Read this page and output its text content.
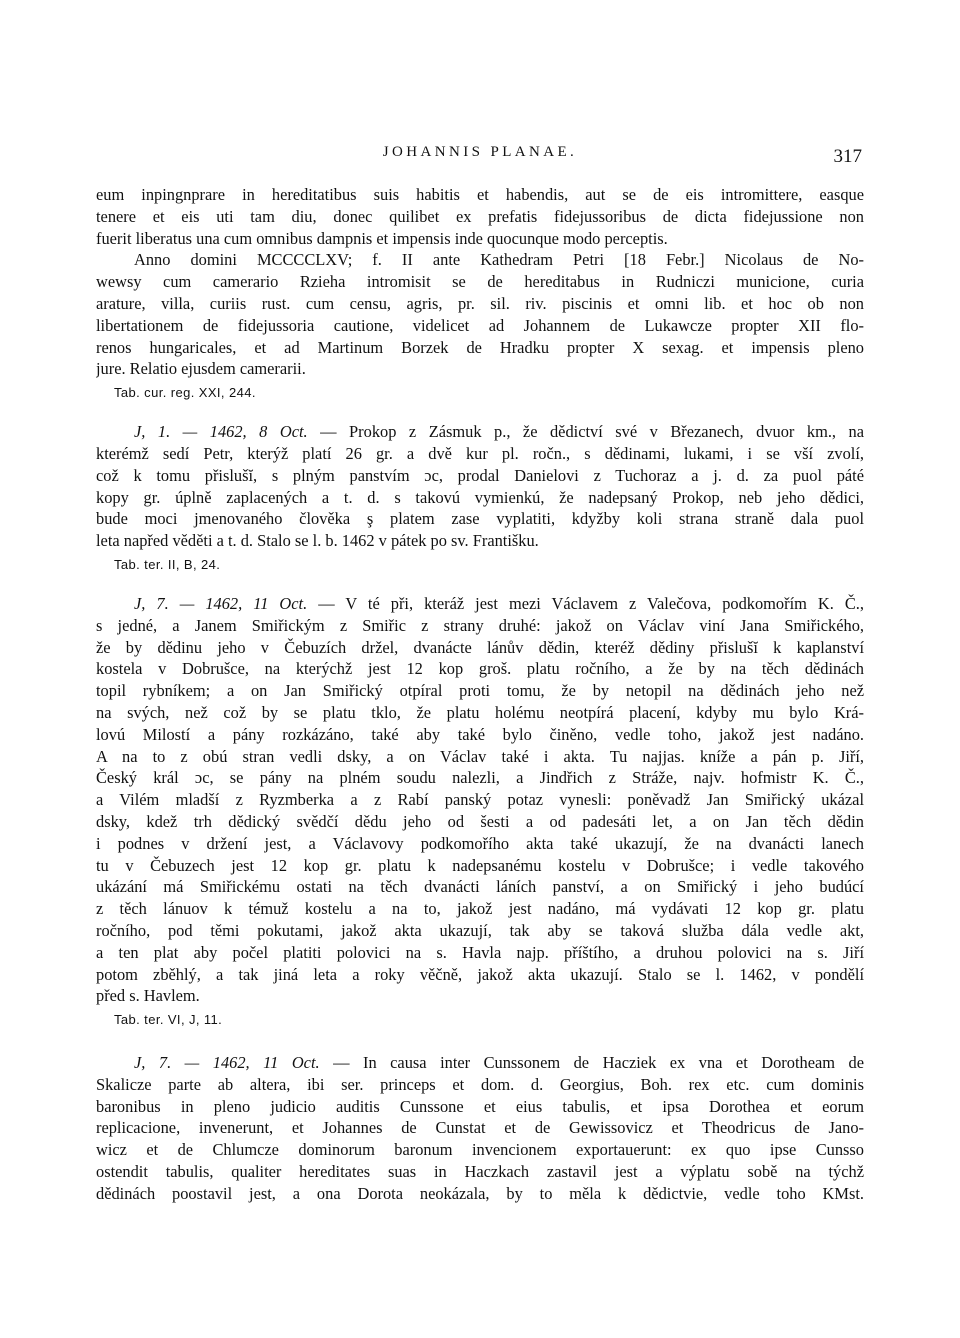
JOHANNIS PLANAE.	317
eum inpingnprare in hereditatibus suis habitis et habendis, aut se de eis intromittere, easque
tenere et eis uti tam diu, donec quilibet ex prefatis fidejussoribus de dicta fidejussione non
fuerit liberatus una cum omnibus dampnis et impensis inde quocunque modo perceptis.
Anno domini MCCCCLXV; f. II ante Kathedram Petri [18 Febr.] Nicolaus de No-
wewsy cum camerario Rzieha intromisit se de hereditabus in Rudniczi municione, curia
arature, villa, curiis rust. cum censu, agris, pr. sil. riv. piscinis et omni lib. et hoc ob non
libertationem de fidejussoria cautione, videlicet ad Johannem de Lukawcze propter XII flo-
renos hungaricales, et ad Martinum Borzek de Hradku propter X sexag. et impensis pleno
jure. Relatio ejusdem camerarii.
Tab. cur. reg. XXI, 244.
J, 1. — 1462, 8 Oct. — Prokop z Zásmuk p., že dědictví své v Březanech, dvuor km., na
kterémž sedí Petr, kterýž platí 26 gr. a dvě kur pl. ročn., s dědinami, lukami, i se vší zvolí,
což k tomu přislušĭ, s plným panstvím ɔc, prodal Danielovi z Tuchoraz a j. d. za puol páté
kopy gr. úplně zaplacených a t. d. s takovú vymienkú, že nadepsaný Prokop, neb jeho dědici,
bude moci jmenovaného člověka ş platem zase vyplatiti, kdyžby koli strana straně dala puol
leta napřed věděti a t. d. Stalo se l. b. 1462 v pátek po sv. Františku.
Tab. ter. II, B, 24.
J, 7. — 1462, 11 Oct. — V té při, kteráž jest mezi Václavem z Valečova, podkomořím K. Č.,
s jedné, a Janem Smiřickým z Smiřic z strany druhé: jakož on Václav viní Jana Smiřického,
že by dědinu jeho v Čebuzích držel, dvanácte lánův dědin, kteréž dědiny přislušĭ k kaplanství
kostela v Dobrušce, na kterýchž jest 12 kop groš. platu ročního, a že by na těch dědinách
topil rybníkem; a on Jan Smiřický otpíral proti tomu, že by netopil na dědinách jeho než
na svých, než což by se platu tklo, že platu holému neotpírá placení, kdyby mu bylo Krá-
lovú Milostí a pány rozkázáno, také aby také bylo činěno, vedle toho, jakož jest nadáno.
A na to z obú stran vedli dsky, a on Václav také i akta. Tu najjas. kníže a pán p. Jiří,
Český král ɔc, se pány na plném soudu nalezli, a Jindřich z Stráže, najv. hofmistr K. Č.,
a Vilém mladší z Ryzmberka a z Rabí panský potaz vynesli: poněvadž Jan Smiřický ukázal
dsky, kdež trh dědický svědčí dědu jeho od šesti a od padesáti let, a on Jan těch dědin
i podnes v držení jest, a Václavovy podkomořího akta také ukazují, že na dvanácti lanech
tu v Čebuzech jest 12 kop gr. platu k nadepsanému kostelu v Dobrušce; i vedle takového
ukázání má Smiřickému ostati na těch dvanácti láních panství, a on Smiřický i jeho budúcí
z těch lánuov k témuž kostelu a na to, jakož jest nadáno, má vydávati 12 kop gr. platu
ročního, pod těmi pokutami, jakož akta ukazují, tak aby se taková služba dála vedle akt,
a ten plat aby počel platiti polovici na s. Havla najp. příštího, a druhou polovici na s. Jiří
potom zběhlý, a tak jiná leta a roky věčně, jakož akta ukazují. Stalo se l. 1462, v pondělí
před s. Havlem.
Tab. ter. VI, J, 11.
J, 7. — 1462, 11 Oct. — In causa inter Cunssonem de Hacziek ex vna et Dorotheam de
Skalicze parte ab altera, ibi ser. princeps et dom. d. Georgius, Boh. rex etc. cum dominis
baronibus in pleno judicio auditis Cunssone et eius tabulis, et ipsa Dorothea et eorum
replicacione, invenerunt, et Johannes de Cunstat et de Gewissovicz et Theodricus de Jano-
wicz et de Chlumcze dominorum baronum invencionem exportauerunt: ex quo ipse Cunsso
ostendit tabulis, qualiter hereditates suas in Haczkach zastavil jest a výplatu sobě na týchž
dědinách poostavil jest, a ona Dorota neokázala, by to měla k dědictvie, vedle toho KMst.
